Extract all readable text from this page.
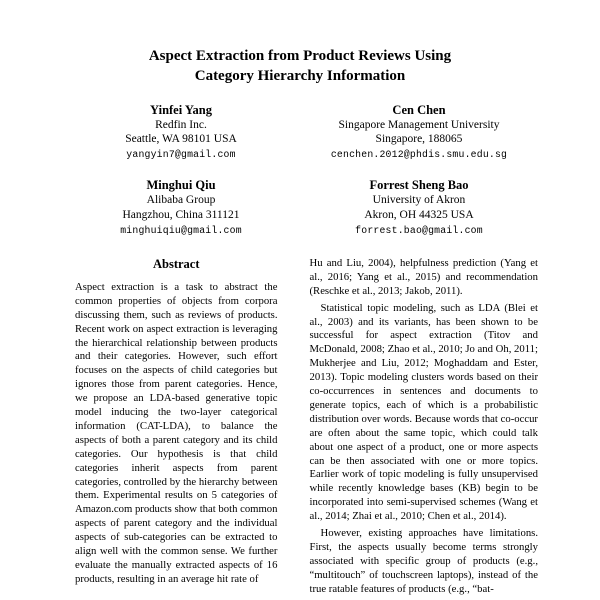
Aspect Extraction from Product Reviews Using
Category Hierarchy Information
Yinfei Yang
Redfin Inc.
Seattle, WA 98101 USA
yangyin7@gmail.com
Cen Chen
Singapore Management University
Singapore, 188065
cenchen.2012@phdis.smu.edu.sg
Minghui Qiu
Alibaba Group
Hangzhou, China 311121
minghuiqiu@gmail.com
Forrest Sheng Bao
University of Akron
Akron, OH 44325 USA
forrest.bao@gmail.com
Abstract

Aspect extraction is a task to abstract the common properties of objects from corpora discussing them, such as reviews of products. Recent work on aspect extraction is leveraging the hierarchical relationship between products and their categories. However, such effort focuses on the aspects of child categories but ignores those from parent categories. Hence, we propose an LDA-based generative topic model inducing the two-layer categorical information (CAT-LDA), to balance the aspects of both a parent category and its child categories. Our hypothesis is that child categories inherit aspects from parent categories, controlled by the hierarchy between them. Experimental results on 5 categories of Amazon.com products show that both common aspects of parent category and the individual aspects of sub-categories can be extracted to align well with the common sense. We further evaluate the manually extracted aspects of 16 products, resulting in an average hit rate of

Hu and Liu, 2004), helpfulness prediction (Yang et al., 2016; Yang et al., 2015) and recommendation (Reschke et al., 2013; Jakob, 2011).

Statistical topic modeling, such as LDA (Blei et al., 2003) and its variants, has been shown to be successful for aspect extraction (Titov and McDonald, 2008; Zhao et al., 2010; Jo and Oh, 2011; Mukherjee and Liu, 2012; Moghaddam and Ester, 2013). Topic modeling clusters words based on their co-occurrences in sentences and documents to generate topics, each of which is a probabilistic distribution over words. Because words that co-occur are often about the same topic, which could talk about one aspect of a product, one or more aspects can be then associated with one or more topics. Earlier work of topic modeling is fully unsupervised while recently knowledge bases (KB) begin to be incorporated into semi-supervised schemes (Wang et al., 2014; Zhai et al., 2010; Chen et al., 2014).

However, existing approaches have limitations. First, the aspects usually become terms strongly associated with specific group of products (e.g., “multitouch” of touchscreen laptops), instead of the true ratable features of products (e.g., “bat-
